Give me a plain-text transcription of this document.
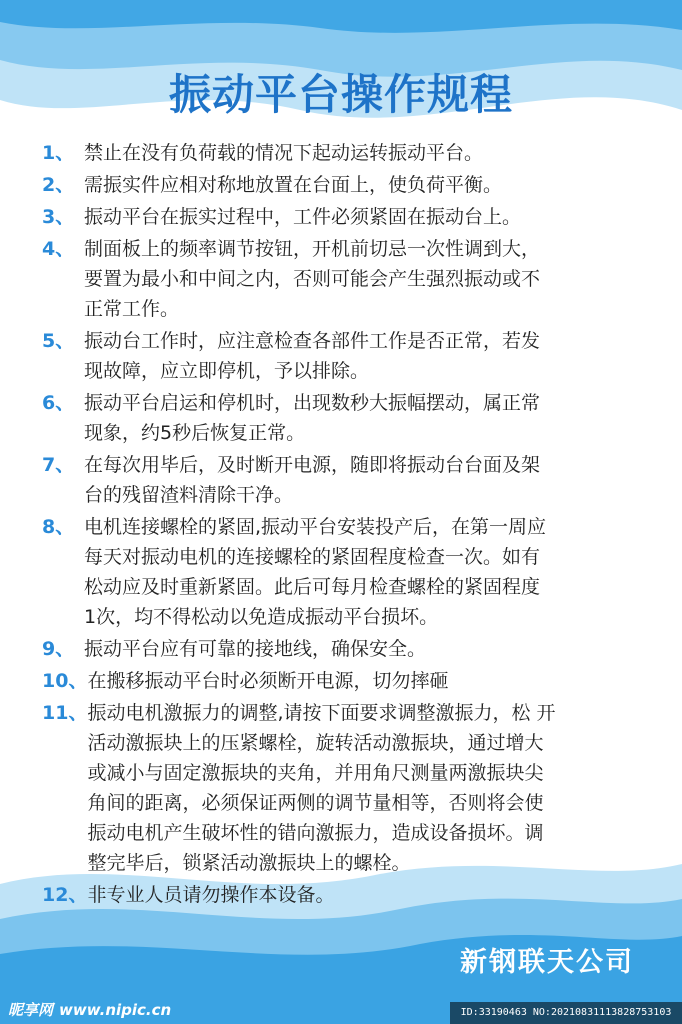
振动平台操作规程
1、 禁止在没有负荷载的情况下起动运转振动平台。
2、 需振实件应相对称地放置在台面上，使负荷平衡。
3、 振动平台在振实过程中，工件必须紧固在振动台上。
4、 制面板上的频率调节按钮，开机前切忌一次性调到大，
要置为最小和中间之内，否则可能会产生强烈振动或不
正常工作。
5、 振动台工作时，应注意检查各部件工作是否正常，若发
现故障，应立即停机，予以排除。
6、 振动平台启运和停机时，出现数秒大振幅摆动，属正常
现象，约5秒后恢复正常。
7、 在每次用毕后，及时断开电源，随即将振动台台面及架
台的残留渣料清除干净。
8、 电机连接螺栓的紧固,振动平台安装投产后，在第一周应
每天对振动电机的连接螺栓的紧固程度检查一次。如有
松动应及时重新紧固。此后可每月检查螺栓的紧固程度
1次，均不得松动以免造成振动平台损坏。
9、 振动平台应有可靠的接地线，确保安全。
10、 在搬移振动平台时必须断开电源，切勿摔砸
11、 振动电机激振力的调整,请按下面要求调整激振力，松 开
活动激振块上的压紧螺栓，旋转活动激振块，通过增大
或减小与固定激振块的夹角，并用角尺测量两激振块尖
角间的距离，必须保证两侧的调节量相等，否则将会使
振动电机产生破坏性的错向激振力，造成设备损坏。调
整完毕后，锁紧活动激振块上的螺栓。
12、 非专业人员请勿操作本设备。
新钢联天公司
昵享网 www.nipic.cn	ID:33190463 NO:20210831113828753103
